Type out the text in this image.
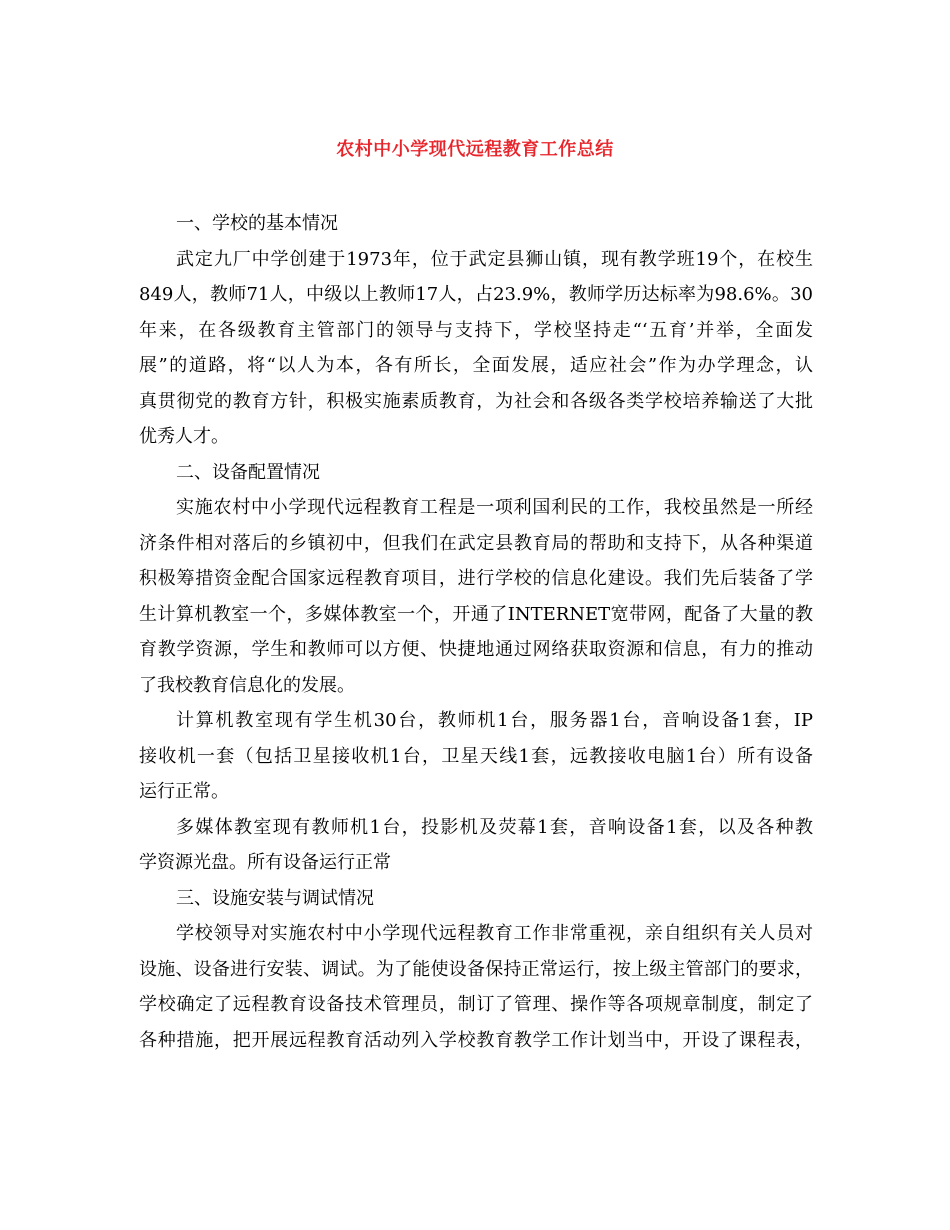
农村中小学现代远程教育工作总结
一、学校的基本情况
武定九厂中学创建于1973年，位于武定县狮山镇，现有教学班19个，在校生
849人，教师71人，中级以上教师17人，占23.9%，教师学历达标率为98.6%。30
年来，在各级教育主管部门的领导与支持下，学校坚持走“‘五育’并举，全面发
展”的道路，将“以人为本，各有所长，全面发展，适应社会”作为办学理念，认
真贯彻党的教育方针，积极实施素质教育，为社会和各级各类学校培养输送了大批
优秀人才。
二、设备配置情况
实施农村中小学现代远程教育工程是一项利国利民的工作，我校虽然是一所经
济条件相对落后的乡镇初中，但我们在武定县教育局的帮助和支持下，从各种渠道
积极筹措资金配合国家远程教育项目，进行学校的信息化建设。我们先后装备了学
生计算机教室一个，多媒体教室一个，开通了INTERNET宽带网，配备了大量的教
育教学资源，学生和教师可以方便、快捷地通过网络获取资源和信息，有力的推动
了我校教育信息化的发展。
计算机教室现有学生机30台，教师机1台，服务器1台，音响设备1套，IP
接收机一套（包括卫星接收机1台，卫星天线1套，远教接收电脑1台）所有设备
运行正常。
多媒体教室现有教师机1台，投影机及荧幕1套，音响设备1套，以及各种教
学资源光盘。所有设备运行正常
三、设施安装与调试情况
学校领导对实施农村中小学现代远程教育工作非常重视，亲自组织有关人员对
设施、设备进行安装、调试。为了能使设备保持正常运行，按上级主管部门的要求，
学校确定了远程教育设备技术管理员，制订了管理、操作等各项规章制度，制定了
各种措施，把开展远程教育活动列入学校教育教学工作计划当中，开设了课程表，
